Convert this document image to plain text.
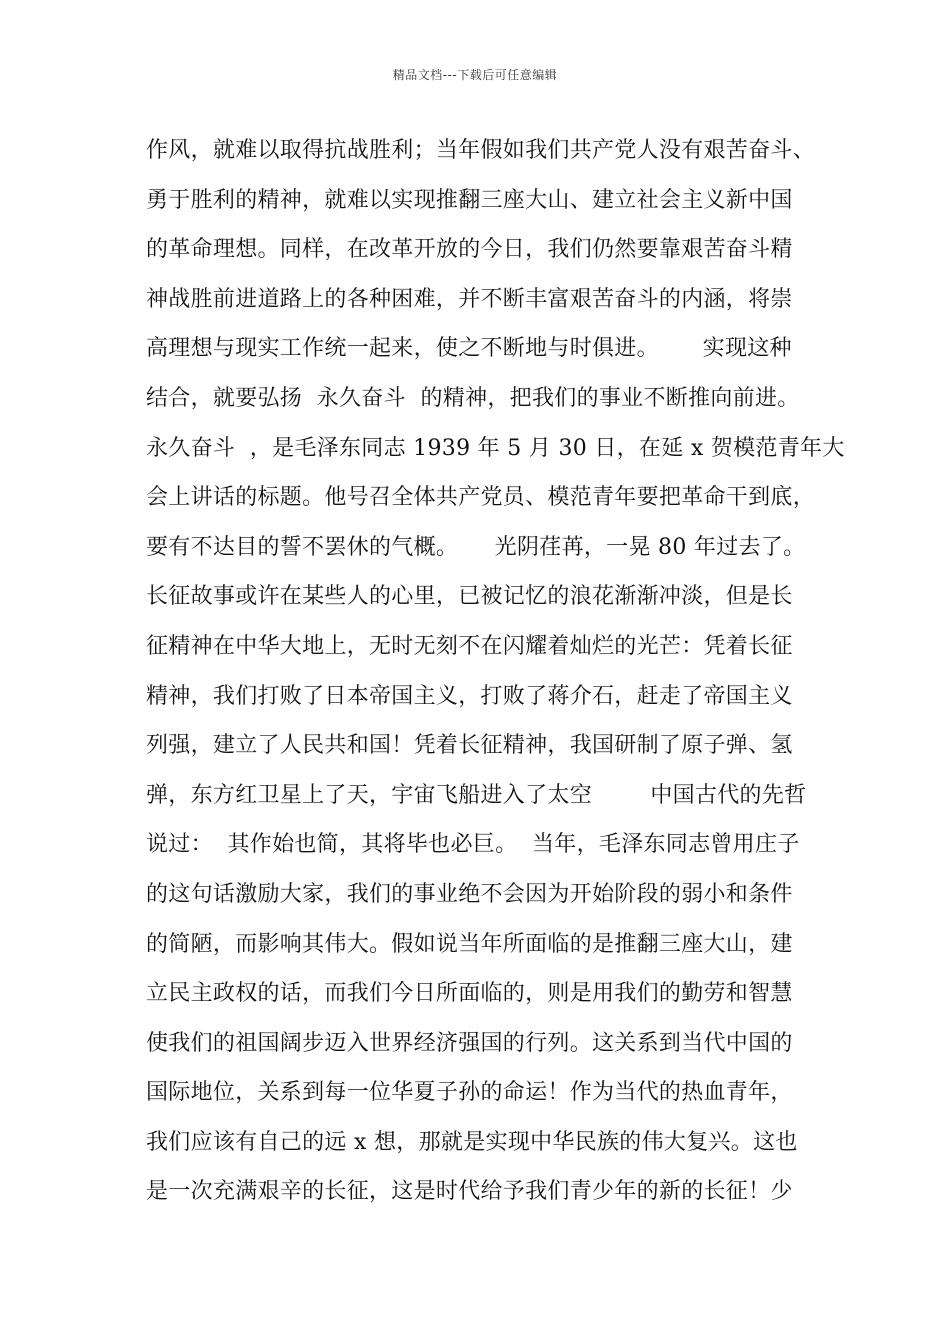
精品文档---下载后可任意编辑
作风，就难以取得抗战胜利；当年假如我们共产党人没有艰苦奋斗、
勇于胜利的精神，就难以实现推翻三座大山、建立社会主义新中国
的革命理想。同样，在改革开放的今日，我们仍然要靠艰苦奋斗精
神战胜前进道路上的各种困难，并不断丰富艰苦奋斗的内涵，将崇
高理想与现实工作统一起来，使之不断地与时俱进。      实现这种
结合，就要弘扬  永久奋斗  的精神，把我们的事业不断推向前进。
永久奋斗  ，是毛泽东同志 1939 年 5 月 30 日，在延 x 贺模范青年大
会上讲话的标题。他号召全体共产党员、模范青年要把革命干到底，
要有不达目的誓不罢休的气概。     光阴荏苒，一晃 80 年过去了。
长征故事或许在某些人的心里，已被记忆的浪花渐渐冲淡，但是长
征精神在中华大地上，无时无刻不在闪耀着灿烂的光芒：凭着长征
精神，我们打败了日本帝国主义，打败了蒋介石，赶走了帝国主义
列强，建立了人民共和国！凭着长征精神，我国研制了原子弹、氢
弹，东方红卫星上了天，宇宙飞船进入了太空        中国古代的先哲
说过：  其作始也简，其将毕也必巨。  当年，毛泽东同志曾用庄子
的这句话激励大家，我们的事业绝不会因为开始阶段的弱小和条件
的简陋，而影响其伟大。假如说当年所面临的是推翻三座大山，建
立民主政权的话，而我们今日所面临的，则是用我们的勤劳和智慧
使我们的祖国阔步迈入世界经济强国的行列。这关系到当代中国的
国际地位，关系到每一位华夏子孙的命运！作为当代的热血青年，
我们应该有自己的远 x 想，那就是实现中华民族的伟大复兴。这也
是一次充满艰辛的长征，这是时代给予我们青少年的新的长征！少
